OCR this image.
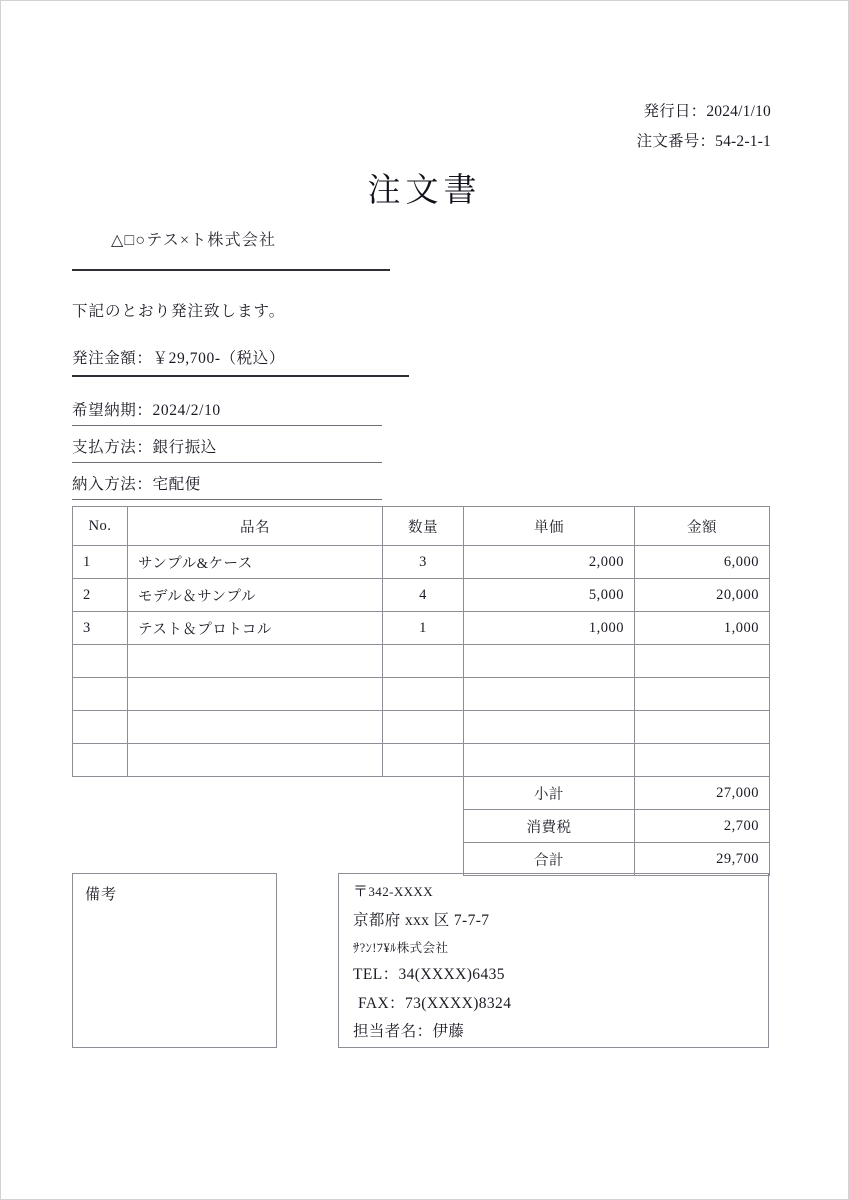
発行日：2024/1/10
注文番号：54-2-1-1
注文書
△□○テス×ト株式会社
下記のとおり発注致します。
発注金額：￥29,700-（税込）
希望納期：2024/2/10
支払方法：銀行振込
納入方法：宅配便
No.	品名	数量	単価	金額
1	サンプル&ケース	3	2,000	6,000
2	モデル＆サンプル	4	5,000	20,000
3	テスト＆プロトコル	1	1,000	1,000

			小計	27,000
			消費税	2,700
			合計	29,700
備考	〒342-XXXX
京都府 xxx 区 7-7-7
ｻ?ﾝ!ﾌ¥ﾙ株式会社
TEL：34(XXXX)6435
FAX：73(XXXX)8324
担当者名：伊藤
